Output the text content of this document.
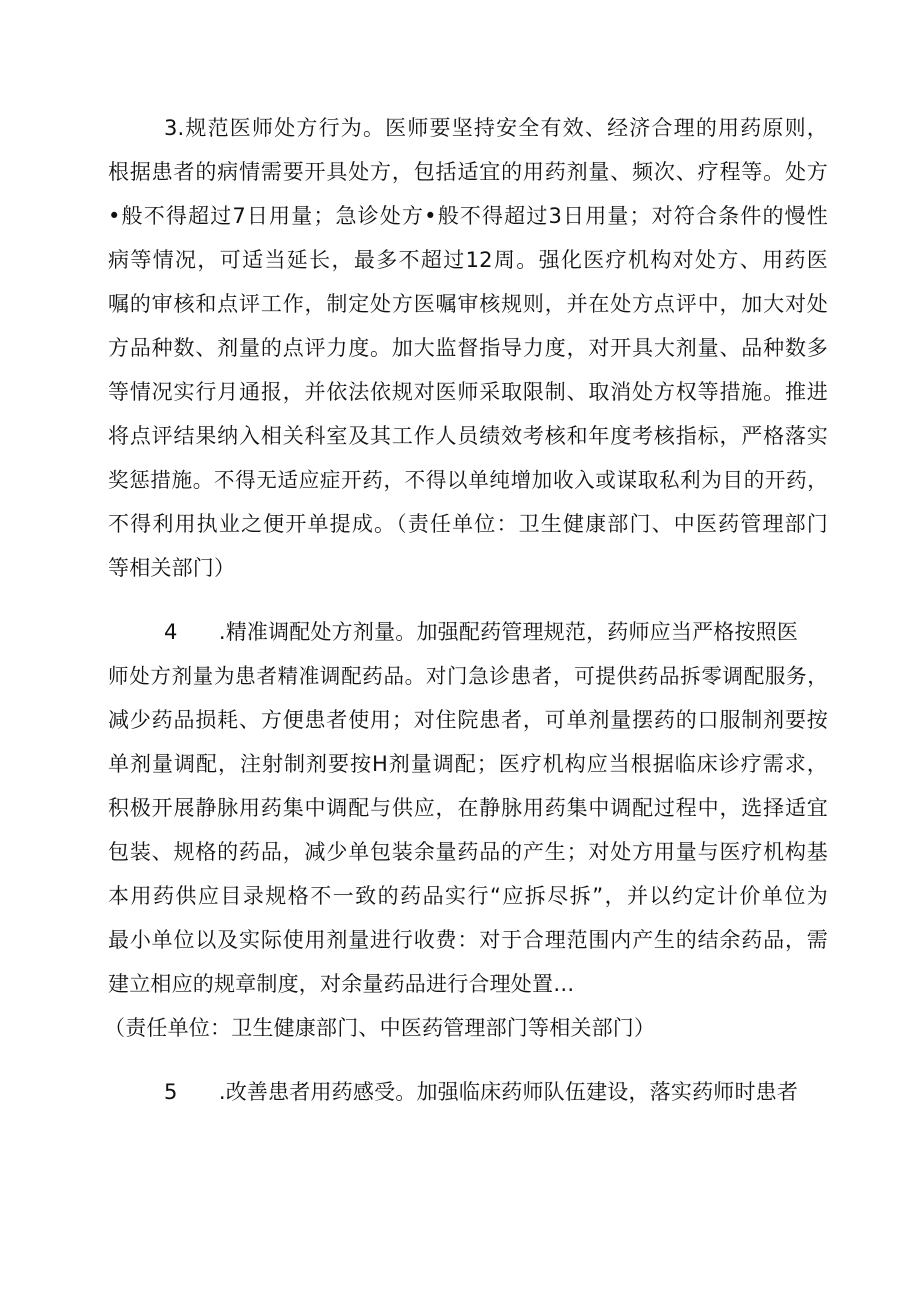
3.规范医师处方行为。医师要坚持安全有效、经济合理的用药原则，
根据患者的病情需要开具处方，包括适宜的用药剂量、频次、疗程等。处方
•般不得超过7日用量；急诊处方•般不得超过3日用量；对符合条件的慢性
病等情况，可适当延长，最多不超过12周。强化医疗机构对处方、用药医
嘱的审核和点评工作，制定处方医嘱审核规则，并在处方点评中，加大对处
方品种数、剂量的点评力度。加大监督指导力度，对开具大剂量、品种数多
等情况实行月通报，并依法依规对医师采取限制、取消处方权等措施。推进
将点评结果纳入相关科室及其工作人员绩效考核和年度考核指标，严格落实
奖惩措施。不得无适应症开药，不得以单纯增加收入或谋取私利为目的开药，
不得利用执业之便开单提成。（责任单位：卫生健康部门、中医药管理部门
等相关部门）
4      .精准调配处方剂量。加强配药管理规范，药师应当严格按照医
师处方剂量为患者精准调配药品。对门急诊患者，可提供药品拆零调配服务，
减少药品损耗、方便患者使用；对住院患者，可单剂量摆药的口服制剂要按
单剂量调配，注射制剂要按H剂量调配；医疗机构应当根据临床诊疗需求，
积极开展静脉用药集中调配与供应，在静脉用药集中调配过程中，选择适宜
包装、规格的药品，减少单包装余量药品的产生；对处方用量与医疗机构基
本用药供应目录规格不一致的药品实行“应拆尽拆”，并以约定计价单位为
最小单位以及实际使用剂量进行收费：对于合理范围内产生的结余药品，需
建立相应的规章制度，对余量药品进行合理处置…
（责任单位：卫生健康部门、中医药管理部门等相关部门）
5      .改善患者用药感受。加强临床药师队伍建设，落实药师时患者
